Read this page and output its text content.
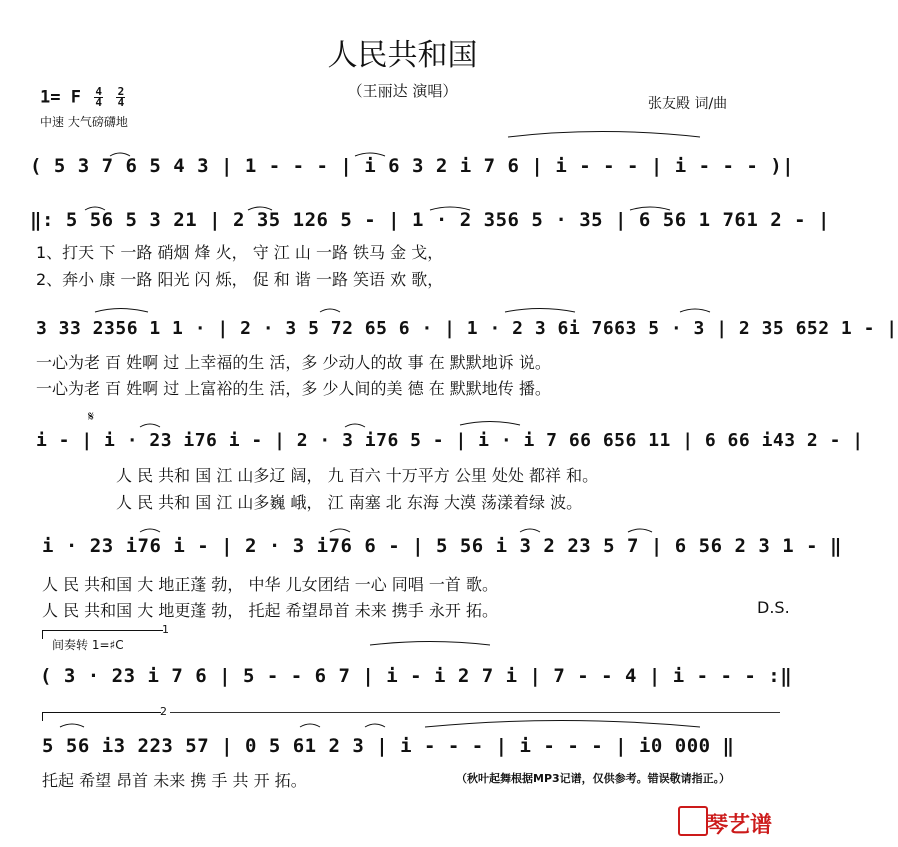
人民共和国
（王丽达 演唱）
1= F $\frac{4}{4}$
$\frac{2}{4}$
中速 大气磅礴地
张友殿 词/曲
( 5 3 7 6 5 4 3 | 1 - - - | i 6 3 2 i 7 6 | i - - - | i - - - )|
‖: 5 56 5 3 21 | 2 35 126 5 - | 1 · 2 356 5 · 35 | 6 56 1 761 2 - |
1、打天 下 一路 硝烟 烽 火， 守 江 山 一路 铁马 金 戈，
2、奔小 康 一路 阳光 闪 烁， 促 和 谐 一路 笑语 欢 歌，
3 33 2356 1 1 · | 2 · 3 5 72 65 6 · | 1 · 2 3 6i 7663 5 · 3 | 2 35 652 1 - |
一心为老 百 姓啊 过 上幸福的生 活，多 少动人的故 事 在 默默地诉 说。
一心为老 百 姓啊 过 上富裕的生 活，多 少人间的美 德 在 默默地传 播。
𝄋
i - | i · 23 i76 i - | 2 · 3 i76 5 - | i · i 7 66 656 11 | 6 66 i43 2 - |
人 民 共和 国 江 山多辽 阔， 九 百六 十万平方 公里 处处 都祥 和。
人 民 共和 国 江 山多巍 峨， 江 南塞 北 东海 大漠 荡漾着绿 波。
i · 23 i76 i - | 2 · 3 i76 6 - | 5 56 i 3 2 23 5 7 | 6 56 2 3 1 - ‖
人 民 共和国 大 地正蓬 勃， 中华 儿女团结 一心 同唱 一首 歌。
人 民 共和国 大 地更蓬 勃， 托起 希望昂首 未来 携手 永开 拓。	D.S.
1
间奏转 1=♯C
( 3 · 23 i 7 6 | 5 - - 6 7 | i - i 2 7 i | 7 - - 4 | i - - - :‖
2
5 56 i3 223 57 | 0 5 61 2 3 | i - - - | i - - - | i0 000 ‖
托起 希望 昂首 未来 携 手 共 开 拓。	（秋叶起舞根据MP3记谱，仅供参考。错误敬请指正。）
琴艺谱
